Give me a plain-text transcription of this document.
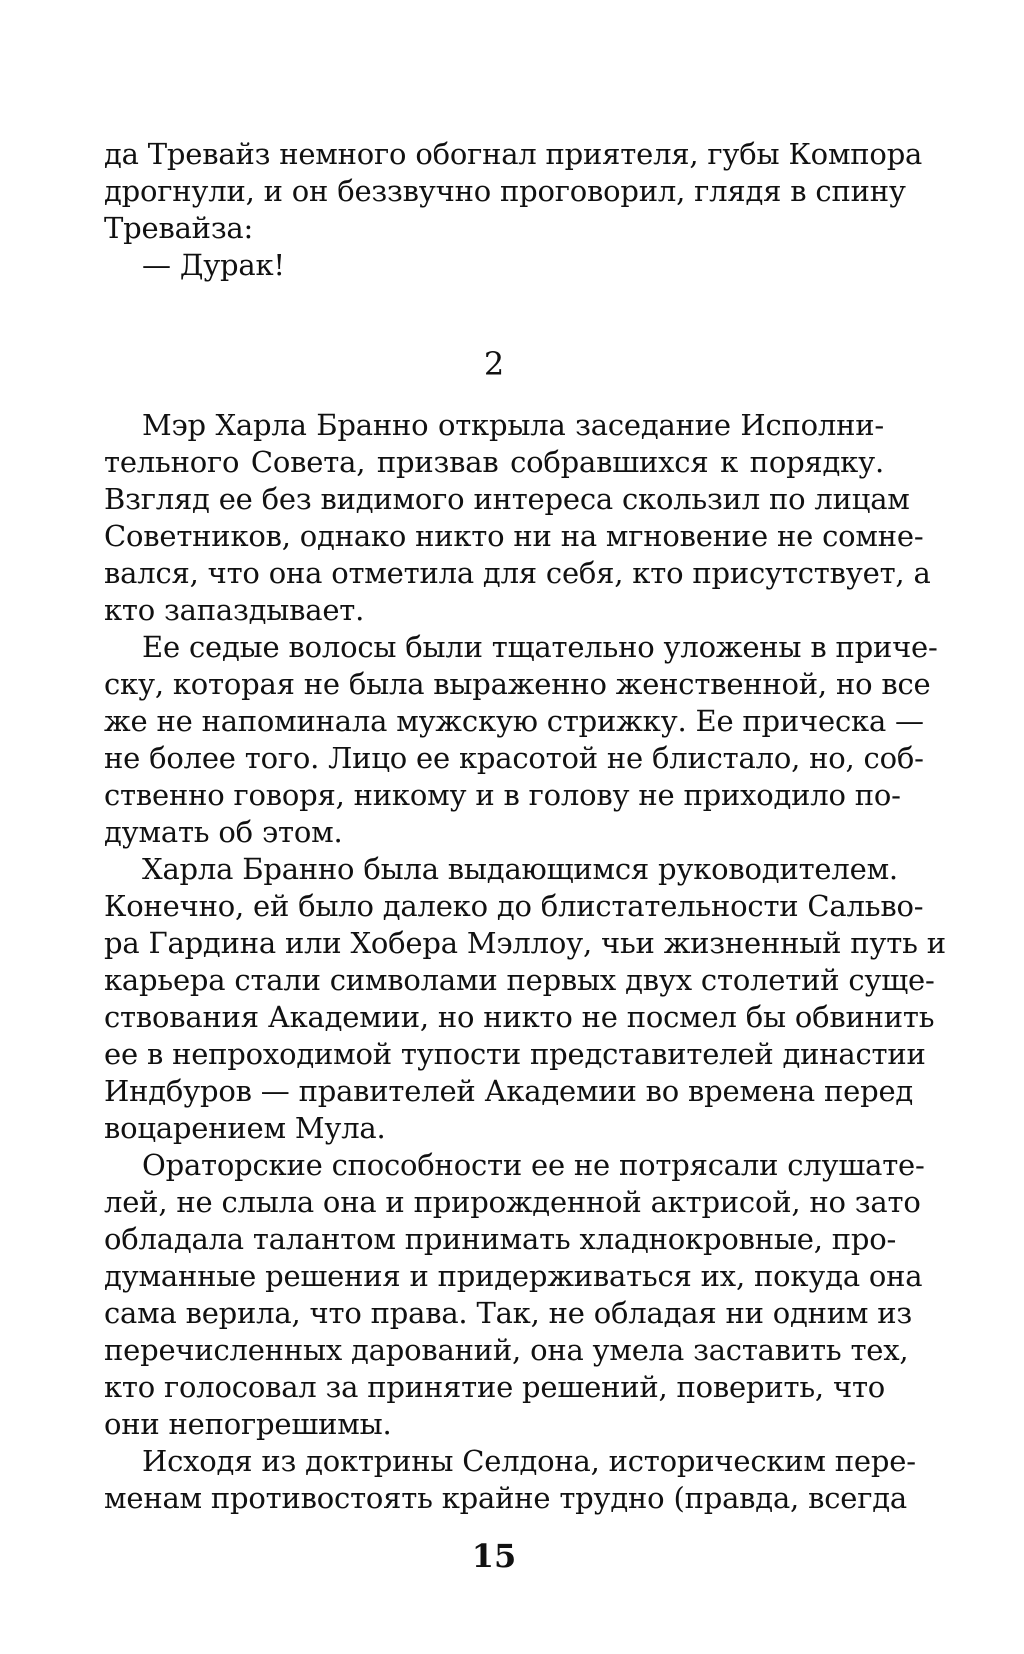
да Тревайз немного обогнал приятеля, губы Компора
дрогнули, и он беззвучно проговорил, глядя в спину
Тревайза:
— Дурак!
2
Мэр Харла Бранно открыла заседание Исполни-
тельного Совета, призвав собравшихся к порядку.
Взгляд ее без видимого интереса скользил по лицам
Советников, однако никто ни на мгновение не сомне-
вался, что она отметила для себя, кто присутствует, а
кто запаздывает.
Ее седые волосы были тщательно уложены в приче-
ску, которая не была выраженно женственной, но все
же не напоминала мужскую стрижку. Ее прическа —
не более того. Лицо ее красотой не блистало, но, соб-
ственно говоря, никому и в голову не приходило по-
думать об этом.
Харла Бранно была выдающимся руководителем.
Конечно, ей было далеко до блистательности Сальво-
ра Гардина или Хобера Мэллоу, чьи жизненный путь и
карьера стали символами первых двух столетий суще-
ствования Академии, но никто не посмел бы обвинить
ее в непроходимой тупости представителей династии
Индбуров — правителей Академии во времена перед
воцарением Мула.
Ораторские способности ее не потрясали слушате-
лей, не слыла она и прирожденной актрисой, но зато
обладала талантом принимать хладнокровные, про-
думанные решения и придерживаться их, покуда она
сама верила, что права. Так, не обладая ни одним из
перечисленных дарований, она умела заставить тех,
кто голосовал за принятие решений, поверить, что
они непогрешимы.
Исходя из доктрины Селдона, историческим пере-
менам противостоять крайне трудно (правда, всегда
15
